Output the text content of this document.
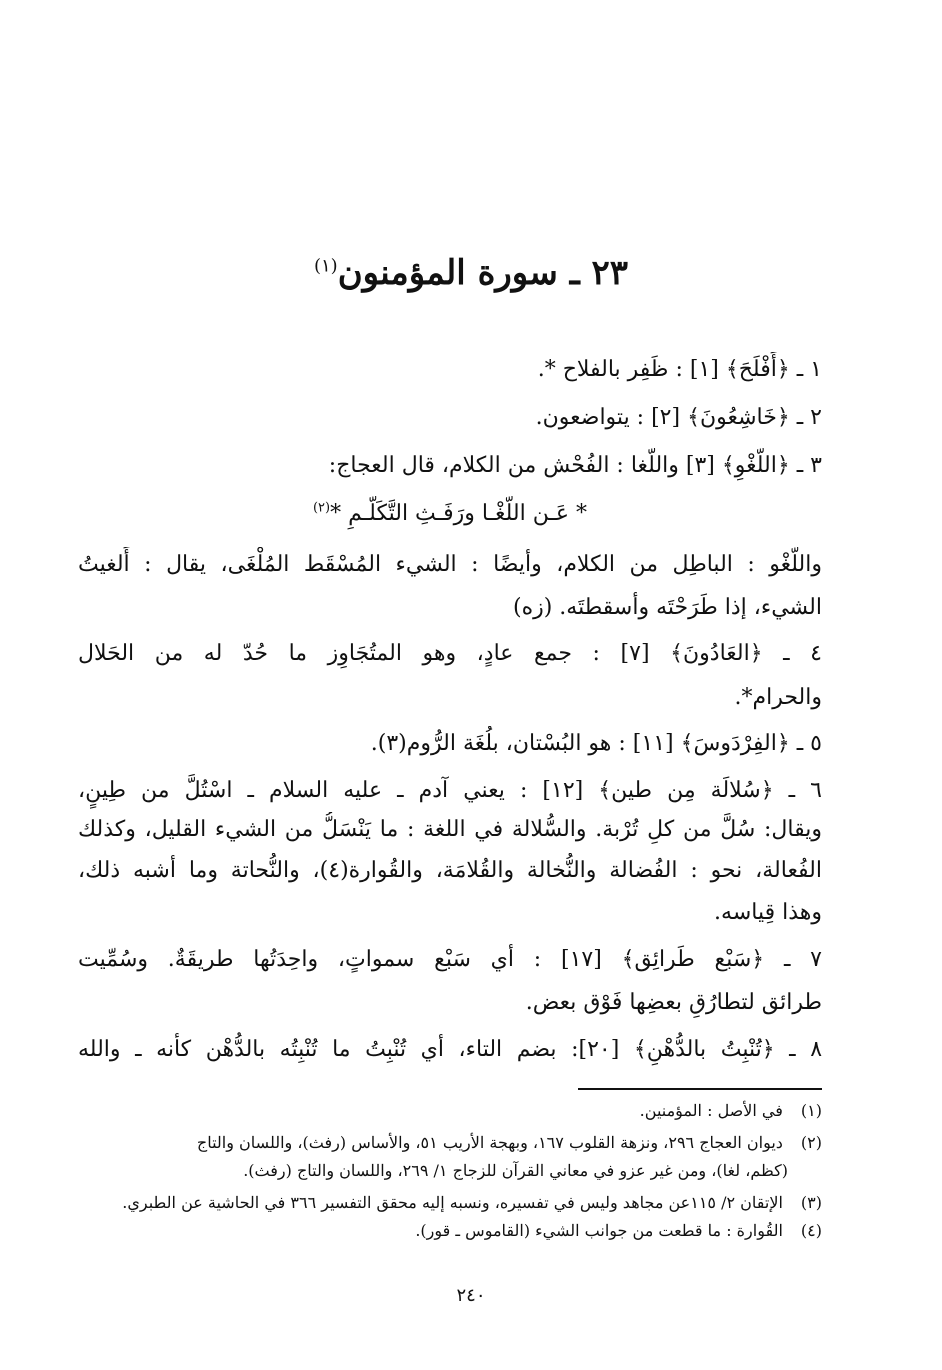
٢٣ ـ سورة المؤمنون$^{(١)}$
١ ـ ﴿أَفْلَحَ﴾ [١] : ظَفِر بالفلاح *.
٢ ـ ﴿خَاشِعُونَ﴾ [٢] : يتواضعون.
٣ ـ ﴿اللَّغْوِ﴾ [٣] واللَّغا : الفُحْش من الكلام، قال العجاج:
* عَـن اللَّغْـا ورَفَـثِ التَّكَلُّـمِ *$^{(٢)}$
واللَّغْو : الباطِل من الكلام، وأيضًا : الشيء المُسْقَط المُلْغَى، يقال : أَلغيتُ
الشيء، إذا طَرَحْتَه وأسقطتَه. (زه)
٤ ـ ﴿العَادُونَ﴾ [٧] : جمع عادٍ، وهو المتُجَاوِز ما حُدّ له من الحَلال
والحرام*.
٥ ـ ﴿الفِرْدَوسَ﴾ [١١] : هو البُسْتان، بلُغَة الرُّوم(٣).
٦ ـ ﴿سُلالَة مِن طين﴾ [١٢] : يعني آدم ـ عليه السلام ـ اسْتُلَّ من طِينٍ،
ويقال: سُلَّ من كلِ تُرْبة. والسُّلالة في اللغة : ما يَنْسَلُّ من الشيء القليل، وكذلك
الفُعالة، نحو : الفُضالة والنُّخالة والقُلامَة، والقُوارة(٤)، والنُّحاتة وما أشبه ذلك،
وهذا قِياسه.
٧ ـ ﴿سَبْع طَرائِق﴾ [١٧] : أي سَبْع سمواتٍ، واحِدَتُها طريقَةٌ. وسُمِّيت
طرائق لتطارُقِ بعضِها فَوْق بعض.
٨ ـ ﴿تُنْبِتُ بالدُّهْنِ﴾ [٢٠]: بضم التاء، أي تُنْبِتُ ما تُنْبِتُه بالدُّهْن كأنه ـ والله
(١) في الأصل : المؤمنين.
(٢) ديوان العجاج ٢٩٦، ونزهة القلوب ١٦٧، وبهجة الأريب ٥١، والأساس (رفث)، واللسان والتاج
(كظم، لغا)، ومن غير عزو في معاني القرآن للزجاج ١/ ٢٦٩، واللسان والتاج (رفث).
(٣) الإتقان ٢/ ١١٥عن مجاهد وليس في تفسيره، ونسبه إليه محقق التفسير ٣٦٦ في الحاشية عن الطبري.
(٤) القُوارة : ما قطعت من جوانب الشيء (القاموس ـ قور).
٢٤٠
